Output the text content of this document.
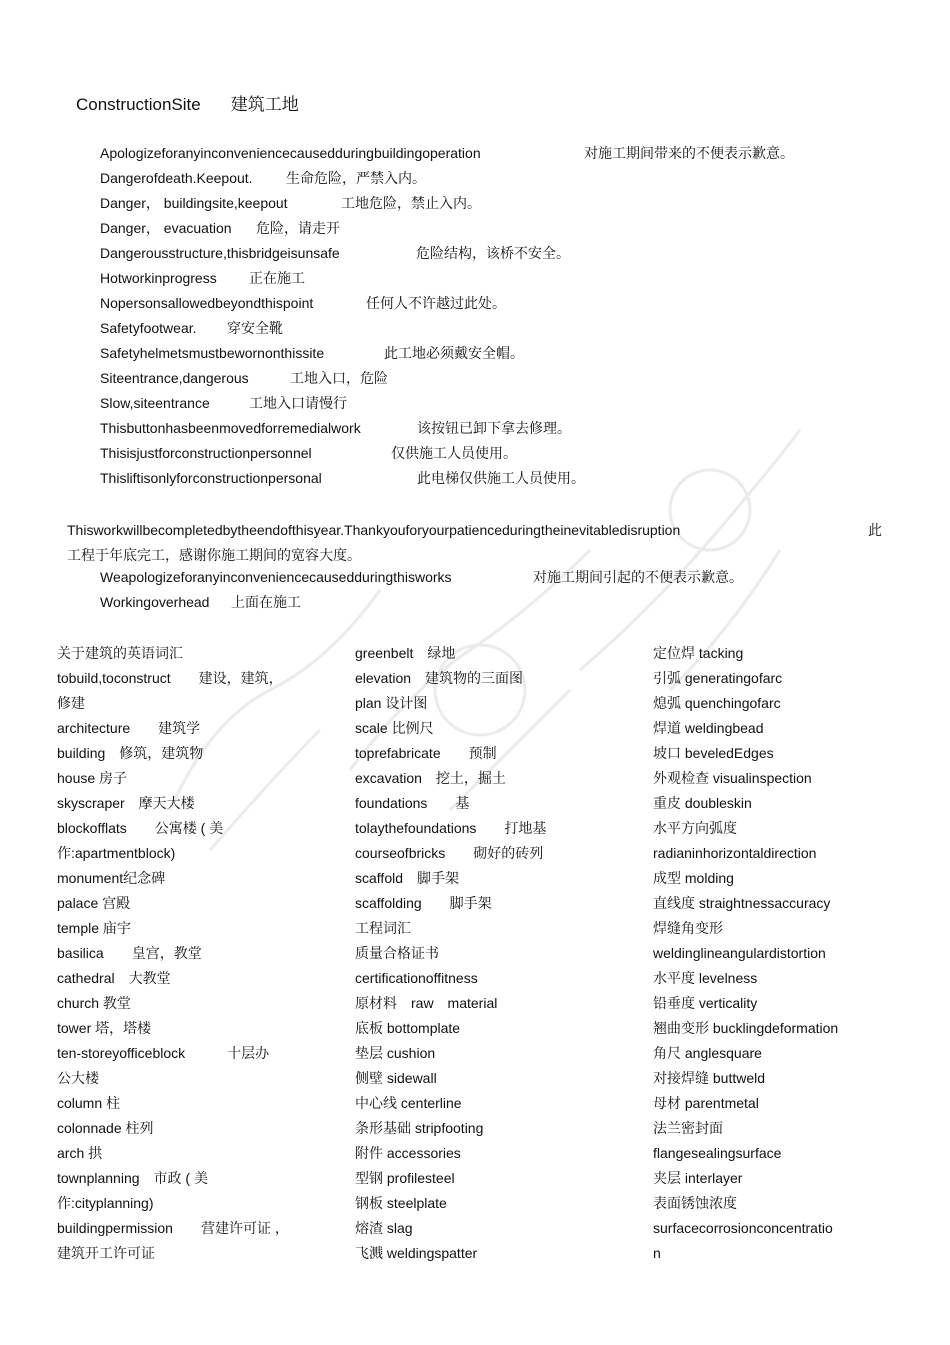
ConstructionSite 建筑工地
Apologizeforanyinconveniencecausedduringbuildingoperation	对施工期间带来的不便表示歉意。
Dangerofdeath.Keepout. 生命危险，严禁入内。
Danger， buildingsite,keepout	工地危险，禁止入内。
Danger， evacuation 危险，请走开
Dangerousstructure,thisbridgeisunsafe	危险结构，该桥不安全。
Hotworkinprogress 正在施工
Nopersonsallowedbeyondthispoint	任何人不许越过此处。
Safetyfootwear. 穿安全靴
Safetyhelmetsmustbewornonthissite	此工地必须戴安全帽。
Siteentrance,dangerous	工地入口，危险
Slow,siteentrance	工地入口请慢行
Thisbuttonhasbeenmovedforremedialwork	该按钮已卸下拿去修理。
Thisisjustforconstructionpersonnel	仅供施工人员使用。
Thisliftisonlyforconstructionpersonal	此电梯仅供施工人员使用。
Thisworkwillbecompletedbytheendofthisyear.Thankyouforyourpatienceduringtheinevitabledisruption	此
工程于年底完工，感谢你施工期间的宽容大度。
Weapologizeforanyinconveniencecausedduringthisworks	对施工期间引起的不便表示歉意。
Workingoverhead 上面在施工
关于建筑的英语词汇
tobuild,toconstruct　　建设，建筑，
修建
architecture　　建筑学
building　修筑，建筑物
house 房子
skyscraper　摩天大楼
blockofflats　　公寓楼 ( 美
作:apartmentblock)
monument纪念碑
palace 宫殿
temple 庙宇
basilica　　皇宫，教堂
cathedral　大教堂
church 教堂
tower 塔，塔楼
ten-storeyofficeblock　　　十层办
公大楼
column 柱
colonnade 柱列
arch 拱
townplanning　市政 ( 美
作:cityplanning)
buildingpermission　　营建许可证 ，
建筑开工许可证
greenbelt　绿地
elevation　建筑物的三面图
plan 设计图
scale 比例尺
toprefabricate　　预制
excavation　挖土，掘土
foundations　　基
tolaythefoundations　　打地基
courseofbricks　　砌好的砖列
scaffold　脚手架
scaffolding　　脚手架
工程词汇
质量合格证书
certificationoffitness
原材料　raw　material
底板 bottomplate
垫层 cushion
侧壁 sidewall
中心线 centerline
条形基础 stripfooting
附件 accessories
型钢 profilesteel
钢板 steelplate
熔渣 slag
飞溅 weldingspatter
定位焊 tacking
引弧 generatingofarc
熄弧 quenchingofarc
焊道 weldingbead
坡口 beveledEdges
外观检查 visualinspection
重皮 doubleskin
水平方向弧度
radianinhorizontaldirection
成型 molding
直线度 straightnessaccuracy
焊缝角变形
weldinglineangulardistortion
水平度 levelness
铅垂度 verticality
翘曲变形 bucklingdeformation
角尺 anglesquare
对接焊缝 buttweld
母材 parentmetal
法兰密封面
flangesealingsurface
夹层 interlayer
表面锈蚀浓度
surfacecorrosionconcentratio
n
